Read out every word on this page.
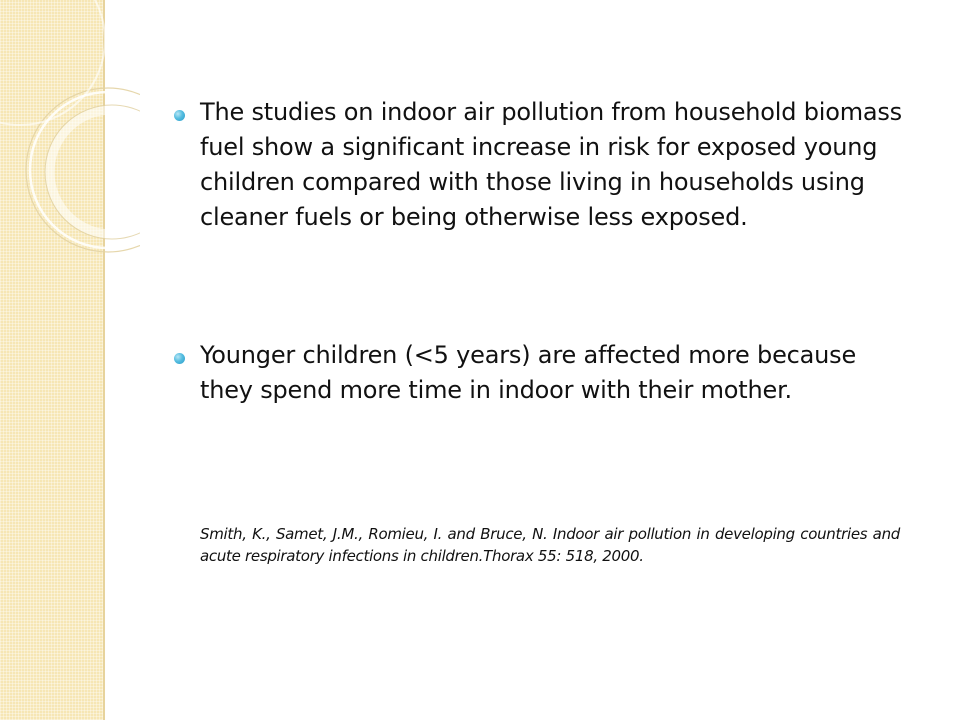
The studies on indoor air pollution from household biomass fuel show a significant increase in risk for exposed young children compared with those living in households using cleaner fuels or being otherwise less exposed.
Younger children (<5 years) are affected more because they spend more time in indoor with their mother.
Smith, K., Samet, J.M., Romieu, I. and Bruce, N. Indoor air pollution in developing countries and acute respiratory infections in children.Thorax 55: 518, 2000.
